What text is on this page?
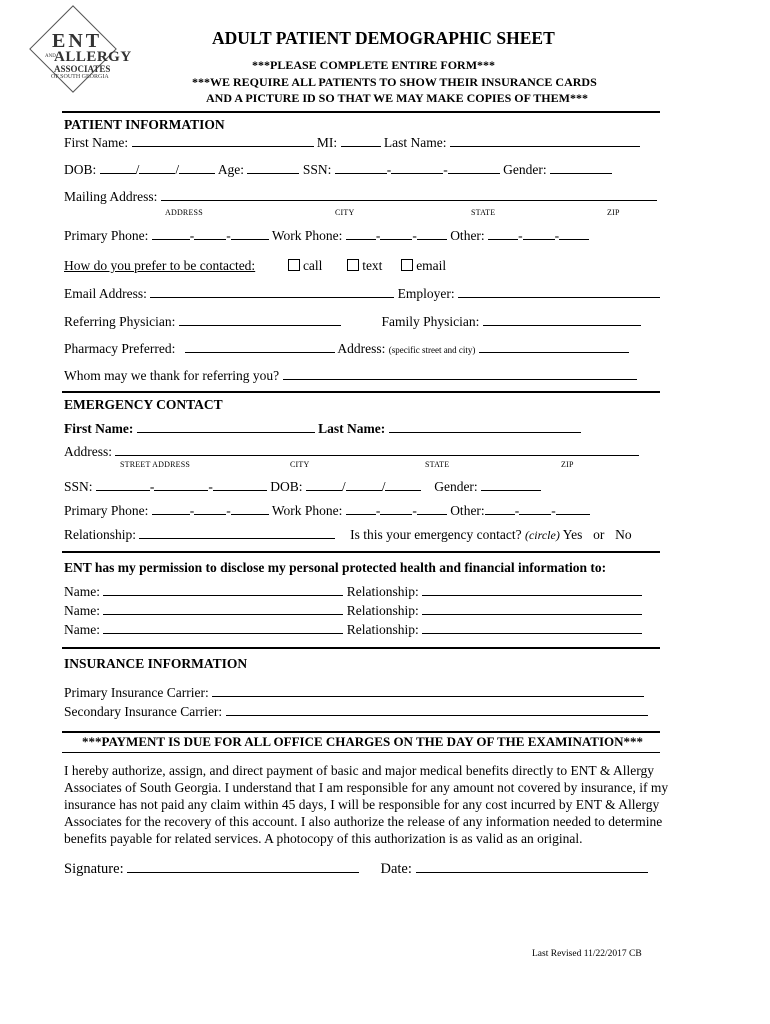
ENT
AND
ALLERGY
ASSOCIATES
OF SOUTH GEORGIA
ADULT PATIENT DEMOGRAPHIC SHEET
***PLEASE COMPLETE ENTIRE FORM***
***WE REQUIRE ALL PATIENTS TO SHOW THEIR INSURANCE CARDS
AND A PICTURE ID SO THAT WE MAY MAKE COPIES OF THEM***
PATIENT INFORMATION
First Name:	MI:	Last Name:
DOB:	/	/	Age:	SSN:	-	-	Gender:
Mailing Address:
ADDRESS	CITY	STATE	ZIP
Primary Phone:	- -	Work Phone: - - Other: - -
How do you prefer to be contacted:	call	text	email
Email Address:	Employer:
Referring Physician:	Family Physician:
Pharmacy Preferred:	Address: (specific street and city)
Whom may we thank for referring you?
EMERGENCY CONTACT
First Name:	Last Name:
Address:
STREET ADDRESS	CITY	STATE	ZIP
SSN:	-	-	DOB:	/	/	Gender:
Primary Phone:	- -	Work Phone: - - Other: - -
Relationship:	Is this your emergency contact? (circle) Yes or No
ENT has my permission to disclose my personal protected health and financial information to:
Name:	Relationship:
Name:	Relationship:
Name:	Relationship:
INSURANCE INFORMATION
Primary Insurance Carrier:
Secondary Insurance Carrier:
***PAYMENT IS DUE FOR ALL OFFICE CHARGES ON THE DAY OF THE EXAMINATION***
I hereby authorize, assign, and direct payment of basic and major medical benefits directly to ENT & Allergy
Associates of South Georgia. I understand that I am responsible for any amount not covered by insurance, if my
insurance has not paid any claim within 45 days, I will be responsible for any cost incurred by ENT & Allergy
Associates for the recovery of this account. I also authorize the release of any information needed to determine
benefits payable for related services. A photocopy of this authorization is as valid as an original.
Signature:	Date:
Last Revised 11/22/2017 CB
